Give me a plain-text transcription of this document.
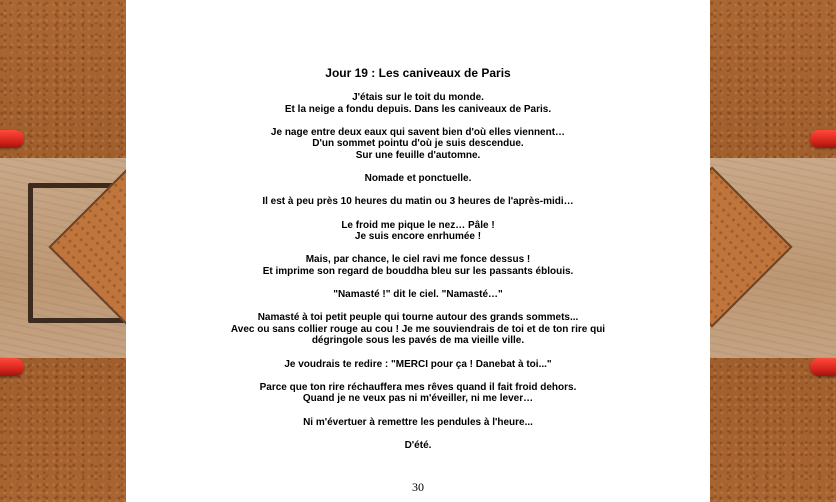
Jour 19 : Les caniveaux de Paris
J'étais sur le toit du monde.
Et la neige a fondu depuis. Dans les caniveaux de Paris.
Je nage entre deux eaux qui savent bien d'où elles viennent…
D'un sommet pointu d'où je suis descendue.
Sur une feuille d'automne.
Nomade et ponctuelle.
Il est à peu près 10 heures du matin ou 3 heures de l'après-midi…
Le froid me pique le nez… Pâle !
Je suis encore enrhumée !
Mais, par chance, le ciel ravi me fonce dessus !
Et imprime son regard de bouddha bleu sur les passants éblouis.
"Namasté !" dit le ciel. "Namasté…"
Namasté à toi petit peuple qui tourne autour des grands sommets...
Avec ou sans collier rouge au cou ! Je me souviendrais de toi et de ton rire qui
dégringole sous les pavés de ma vieille ville.
Je voudrais te redire : "MERCI pour ça ! Danebat à toi..."
Parce que ton rire réchauffera mes rêves quand il fait froid dehors.
Quand je ne veux pas ni m'éveiller, ni me lever…
Ni m'évertuer à remettre les pendules à l'heure...
D'été.
30
